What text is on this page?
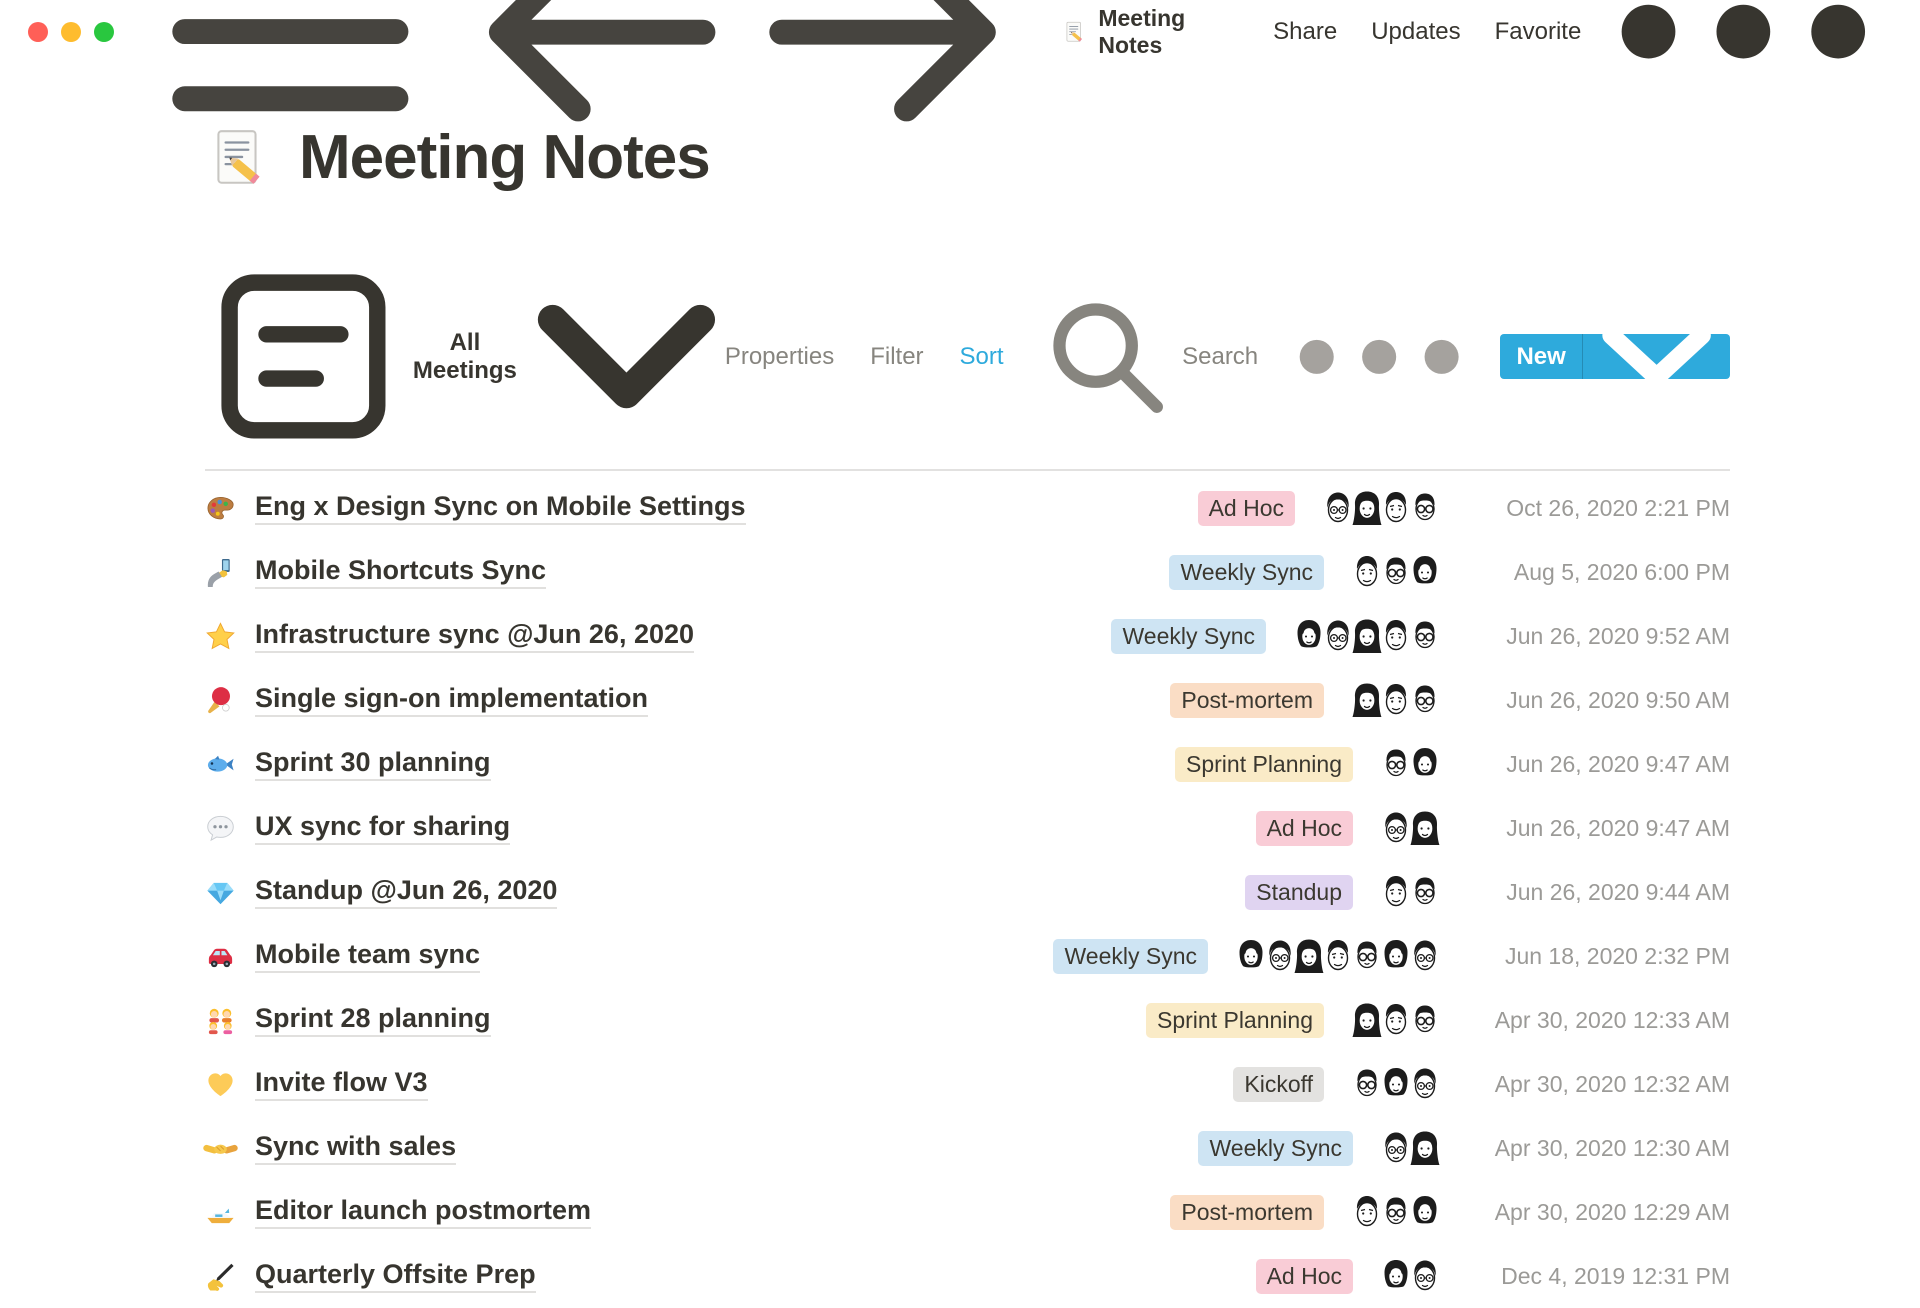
Meeting Notes	Share Updates Favorite
Meeting Notes
All Meetings
Properties Filter Sort	Search	New
Eng x Design Sync on Mobile Settings	Ad Hoc	Oct 26, 2020 2:21 PM
Mobile Shortcuts Sync	Weekly Sync	Aug 5, 2020 6:00 PM
Infrastructure sync @Jun 26, 2020	Weekly Sync	Jun 26, 2020 9:52 AM
Single sign-on implementation	Post-mortem	Jun 26, 2020 9:50 AM
Sprint 30 planning	Sprint Planning	Jun 26, 2020 9:47 AM
UX sync for sharing	Ad Hoc	Jun 26, 2020 9:47 AM
Standup @Jun 26, 2020	Standup	Jun 26, 2020 9:44 AM
Mobile team sync	Weekly Sync	Jun 18, 2020 2:32 PM
Sprint 28 planning	Sprint Planning	Apr 30, 2020 12:33 AM
Invite flow V3	Kickoff	Apr 30, 2020 12:32 AM
Sync with sales	Weekly Sync	Apr 30, 2020 12:30 AM
Editor launch postmortem	Post-mortem	Apr 30, 2020 12:29 AM
Quarterly Offsite Prep	Ad Hoc	Dec 4, 2019 12:31 PM
